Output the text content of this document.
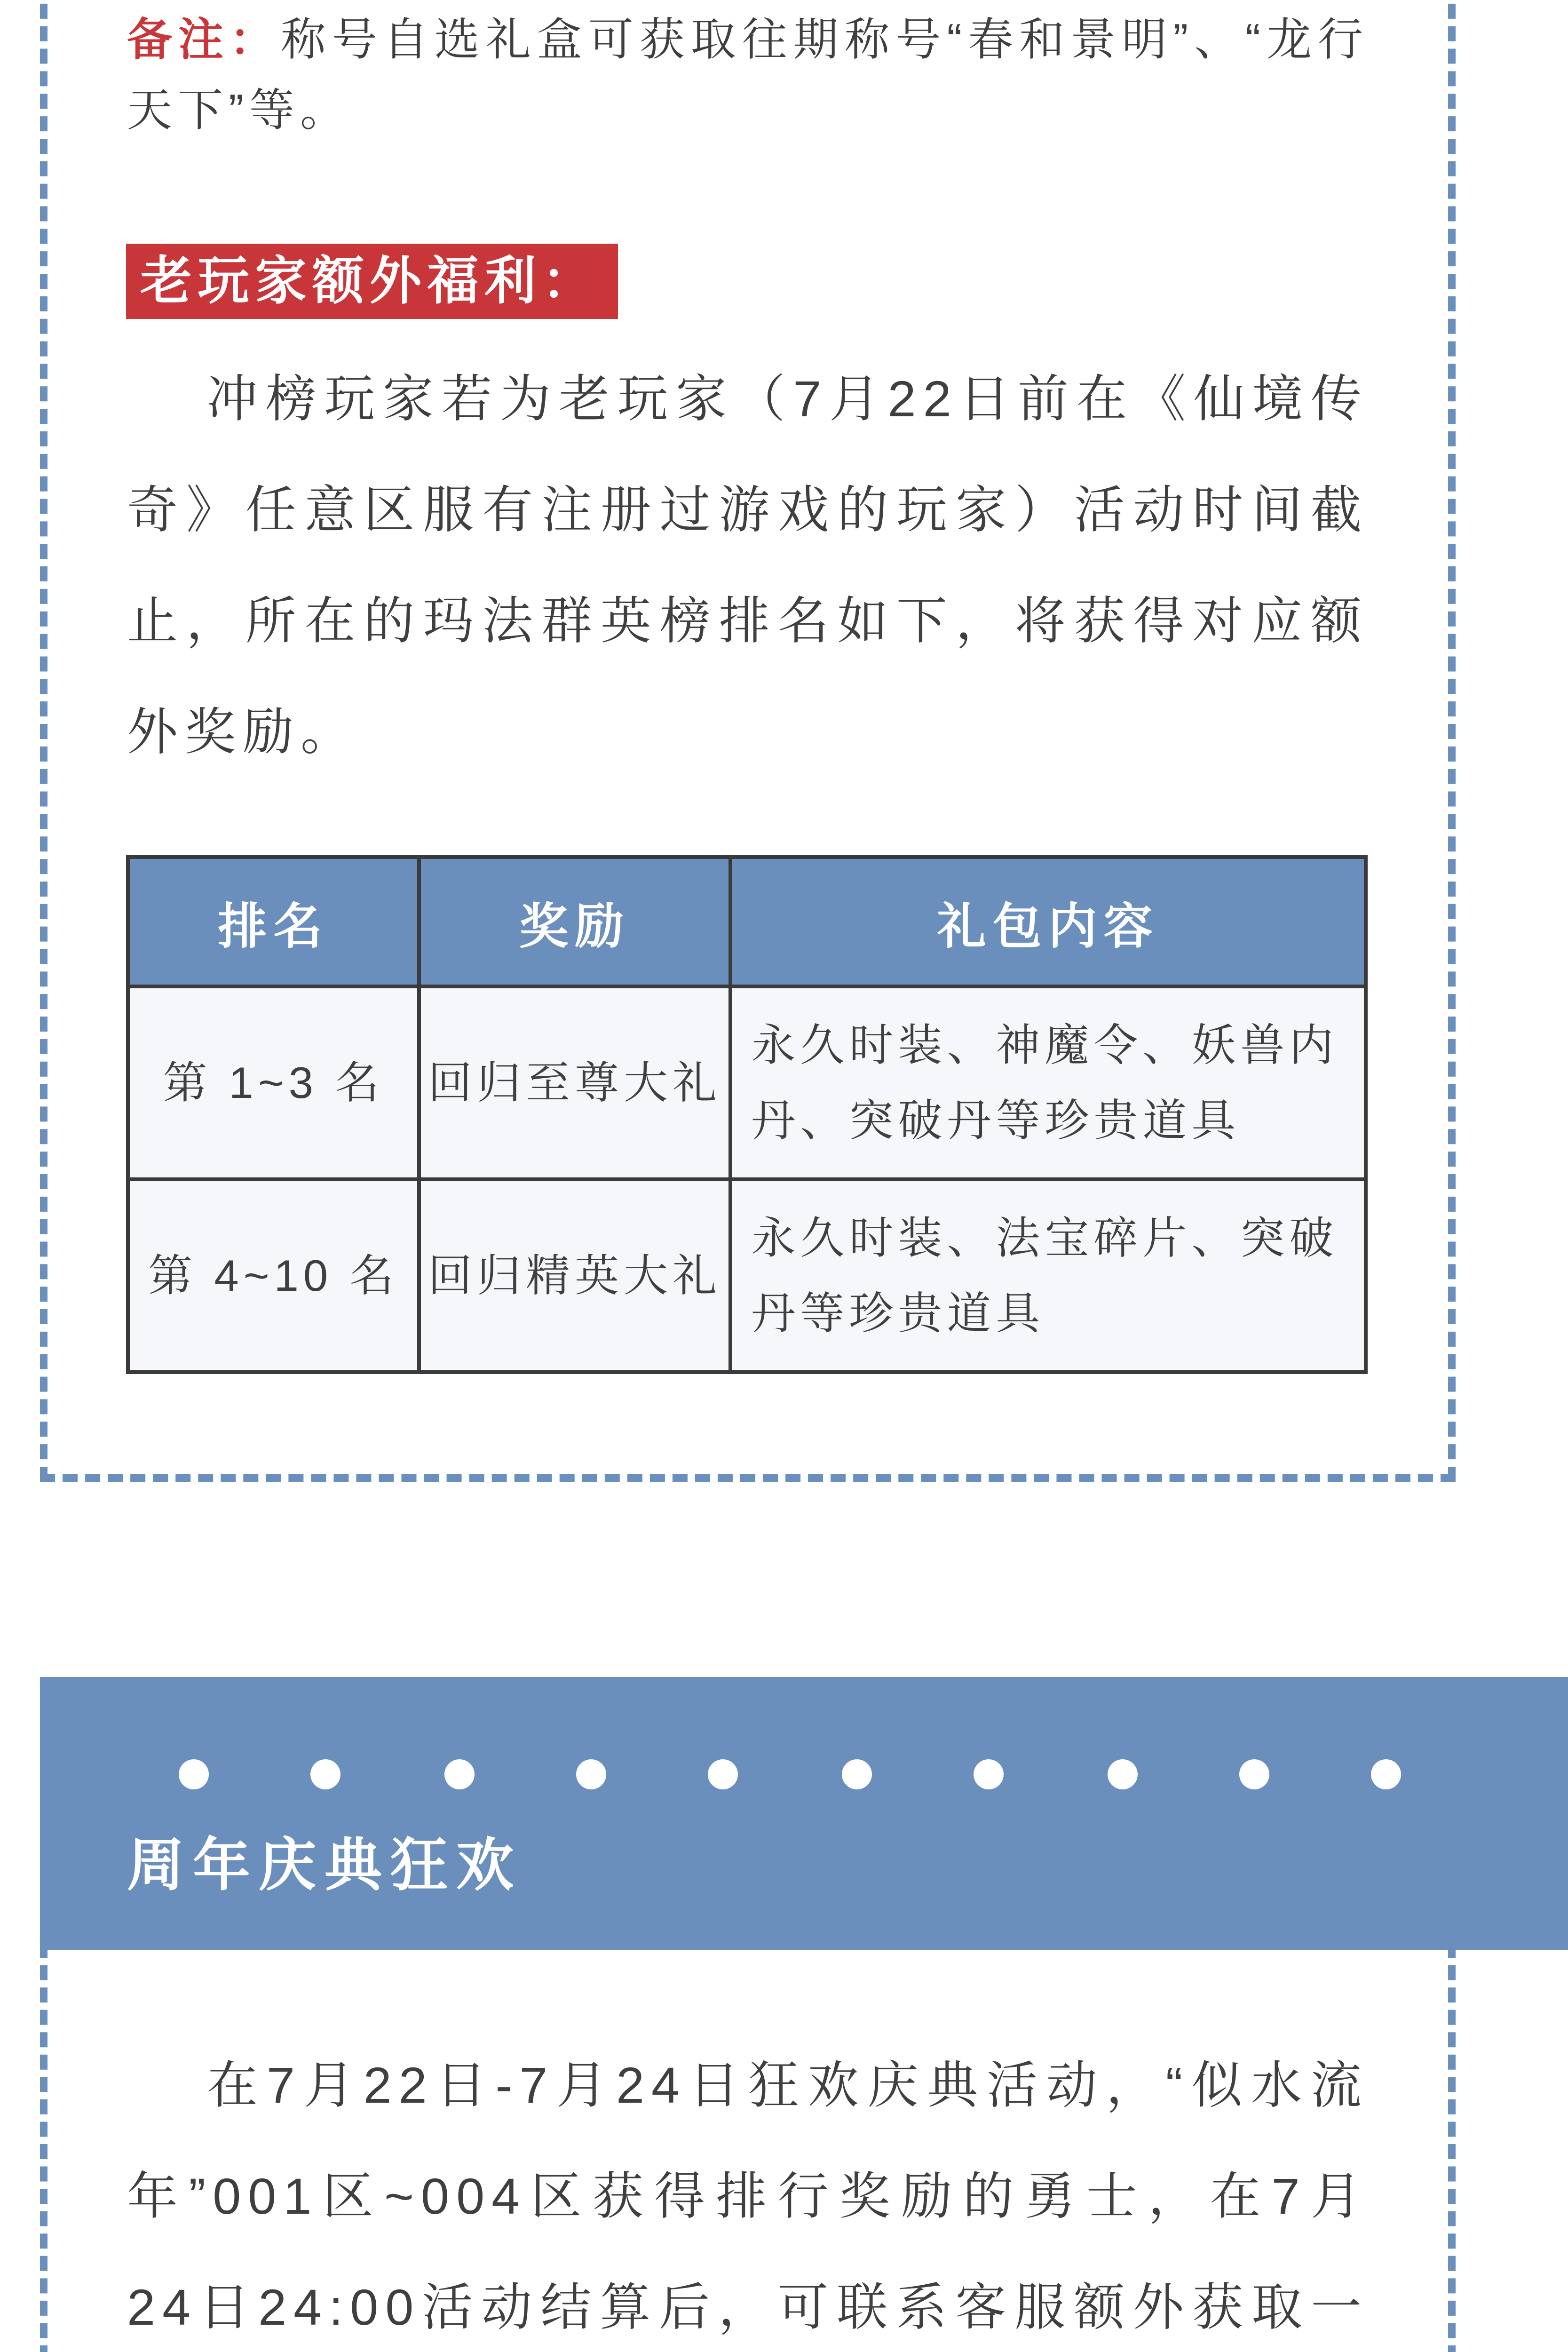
备注：称号自选礼盒可获取往期称号“春和景明”、“龙行天下”等。

老玩家额外福利：

冲榜玩家若为老玩家（7月22日前在《仙境传奇》任意区服有注册过游戏的玩家）活动时间截止，所在的玛法群英榜排名如下，将获得对应额外奖励。

排名	奖励	礼包内容
第 1~3 名	回归至尊大礼	永久时装、神魔令、妖兽内丹、突破丹等珍贵道具
第 4~10 名	回归精英大礼	永久时装、法宝碎片、突破丹等珍贵道具
周年庆典狂欢

在7月22日-7月24日狂欢庆典活动，“似水流年”001区~004区获得排行奖励的勇士，在7月24日24:00活动结算后，可联系客服额外获取一
